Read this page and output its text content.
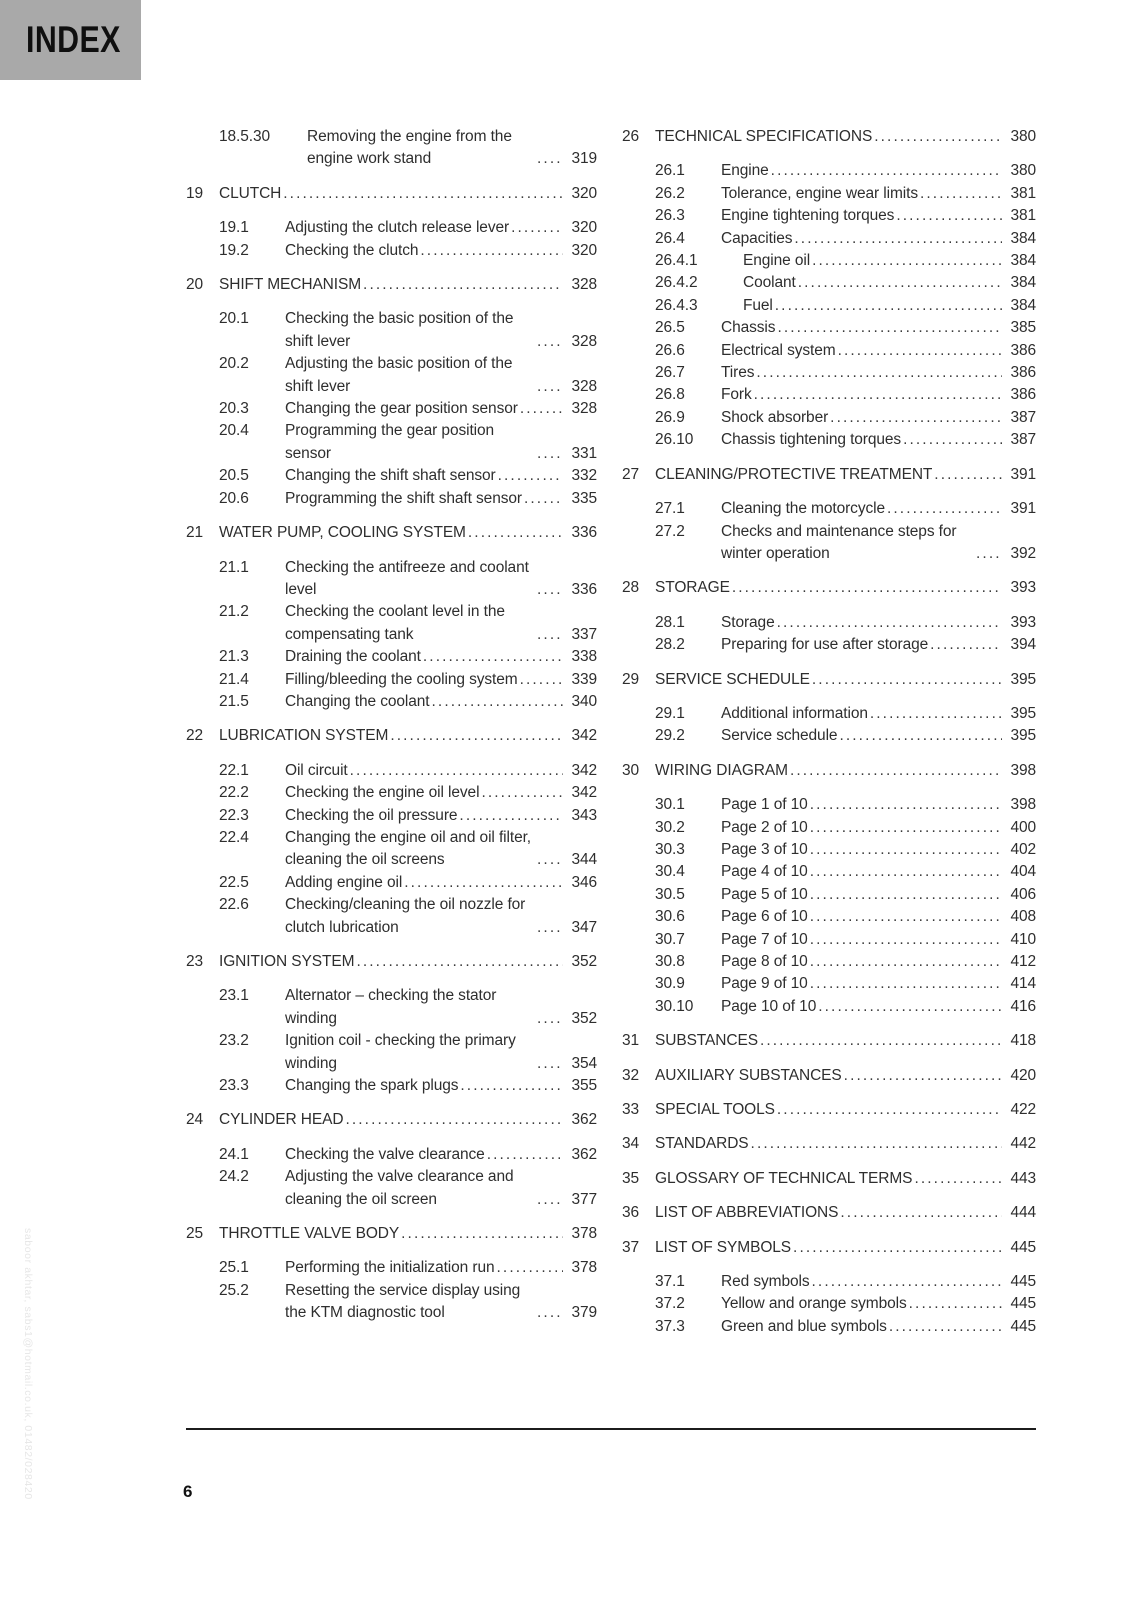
INDEX
saboor akhtar, sabs1@hotmail.co.uk, 01482/028420
18.5.30	Removing the engine from the engine work stand .....	319
19	CLUTCH .....	320
19.1	Adjusting the clutch release lever .....	320
19.2	Checking the clutch .....	320
20	SHIFT MECHANISM .....	328
20.1	Checking the basic position of the shift lever .....	328
20.2	Adjusting the basic position of the shift lever .....	328
20.3	Changing the gear position sensor .....	328
20.4	Programming the gear position sensor .....	331
20.5	Changing the shift shaft sensor .....	332
20.6	Programming the shift shaft sensor .....	335
21	WATER PUMP, COOLING SYSTEM .....	336
21.1	Checking the antifreeze and coolant level .....	336
21.2	Checking the coolant level in the compensating tank .....	337
21.3	Draining the coolant .....	338
21.4	Filling/bleeding the cooling system .....	339
21.5	Changing the coolant .....	340
22	LUBRICATION SYSTEM .....	342
22.1	Oil circuit .....	342
22.2	Checking the engine oil level .....	342
22.3	Checking the oil pressure .....	343
22.4	Changing the engine oil and oil filter, cleaning the oil screens .....	344
22.5	Adding engine oil .....	346
22.6	Checking/cleaning the oil nozzle for clutch lubrication .....	347
23	IGNITION SYSTEM .....	352
23.1	Alternator – checking the stator winding .....	352
23.2	Ignition coil - checking the primary winding .....	354
23.3	Changing the spark plugs .....	355
24	CYLINDER HEAD .....	362
24.1	Checking the valve clearance .....	362
24.2	Adjusting the valve clearance and cleaning the oil screen .....	377
25	THROTTLE VALVE BODY .....	378
25.1	Performing the initialization run .....	378
25.2	Resetting the service display using the KTM diagnostic tool .....	379
26	TECHNICAL SPECIFICATIONS .....	380
26.1	Engine .....	380
26.2	Tolerance, engine wear limits .....	381
26.3	Engine tightening torques .....	381
26.4	Capacities .....	384
26.4.1	Engine oil .....	384
26.4.2	Coolant .....	384
26.4.3	Fuel .....	384
26.5	Chassis .....	385
26.6	Electrical system .....	386
26.7	Tires .....	386
26.8	Fork .....	386
26.9	Shock absorber .....	387
26.10	Chassis tightening torques .....	387
27	CLEANING/PROTECTIVE TREATMENT .....	391
27.1	Cleaning the motorcycle .....	391
27.2	Checks and maintenance steps for winter operation .....	392
28	STORAGE .....	393
28.1	Storage .....	393
28.2	Preparing for use after storage .....	394
29	SERVICE SCHEDULE .....	395
29.1	Additional information .....	395
29.2	Service schedule .....	395
30	WIRING DIAGRAM .....	398
30.1	Page 1 of 10 .....	398
30.2	Page 2 of 10 .....	400
30.3	Page 3 of 10 .....	402
30.4	Page 4 of 10 .....	404
30.5	Page 5 of 10 .....	406
30.6	Page 6 of 10 .....	408
30.7	Page 7 of 10 .....	410
30.8	Page 8 of 10 .....	412
30.9	Page 9 of 10 .....	414
30.10	Page 10 of 10 .....	416
31	SUBSTANCES .....	418
32	AUXILIARY SUBSTANCES .....	420
33	SPECIAL TOOLS .....	422
34	STANDARDS .....	442
35	GLOSSARY OF TECHNICAL TERMS .....	443
36	LIST OF ABBREVIATIONS .....	444
37	LIST OF SYMBOLS .....	445
37.1	Red symbols .....	445
37.2	Yellow and orange symbols .....	445
37.3	Green and blue symbols .....	445
6
